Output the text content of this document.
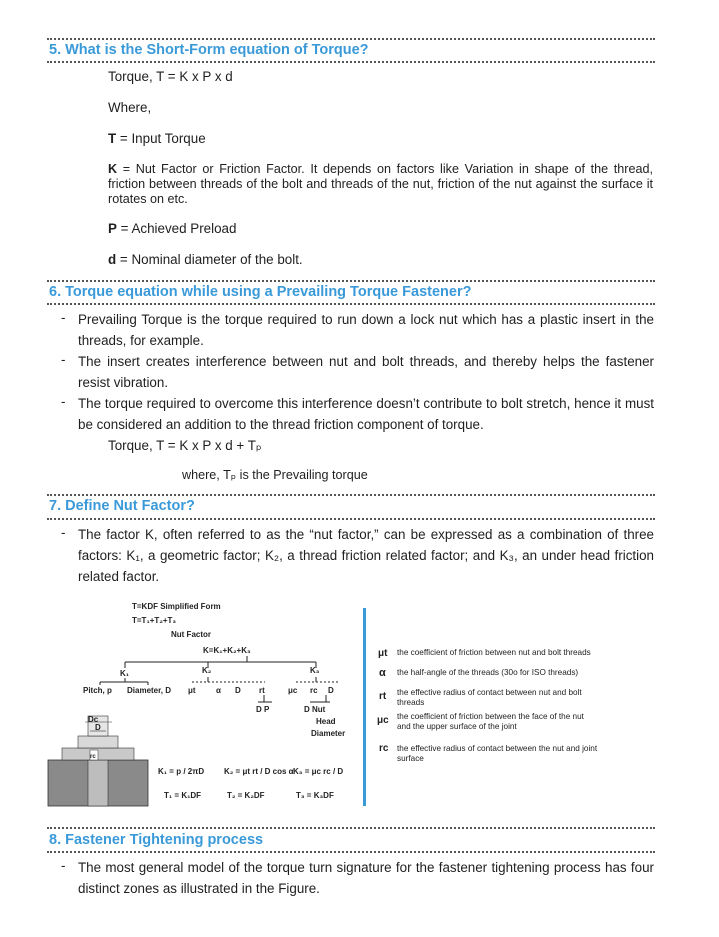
5. What is the Short-Form equation of Torque?
Torque, T = K x P x d
Where,
T = Input Torque
K = Nut Factor or Friction Factor. It depends on factors like Variation in shape of the thread, friction between threads of the bolt and threads of the nut, friction of the nut against the surface it rotates on etc.
P = Achieved Preload
d = Nominal diameter of the bolt.
6. Torque equation while using a Prevailing Torque Fastener?
- Prevailing Torque is the torque required to run down a lock nut which has a plastic insert in the threads, for example.
- The insert creates interference between nut and bolt threads, and thereby helps the fastener resist vibration.
- The torque required to overcome this interference doesn’t contribute to bolt stretch, hence it must be considered an addition to the thread friction component of torque.
Torque, T = K x P x d + Tₚ
where, Tₚ is the Prevailing torque
7. Define Nut Factor?
- The factor K, often referred to as the “nut factor,” can be expressed as a combination of three factors: K₁, a geometric factor; K₂, a thread friction related factor; and K₃, an under head friction related factor.
T=KDF Simplified Form
T=T₁+T₂+T₃
Nut Factor
K=K₁+K₂+K₃
K₁	K₂	K₃
Pitch, p Diameter, D μt	α D rt	μc rc D
D P	D Nut
Head
Diameter
Dc
D
rc
K₁ = p / 2πD K₂ = μt rt / D cos α K₃ = μc rc / D
T₁ = K₁DF	T₂ = K₂DF	T₃ = K₃DF
μt the coefficient of friction between nut and bolt threads
α the half-angle of the threads (30o for ISO threads)
rt the effective radius of contact between nut and bolt threads
μc the coefficient of friction between the face of the nut and the upper surface of the joint
rc the effective radius of contact between the nut and joint surface
8. Fastener Tightening process
- The most general model of the torque turn signature for the fastener tightening process has four distinct zones as illustrated in the Figure.
